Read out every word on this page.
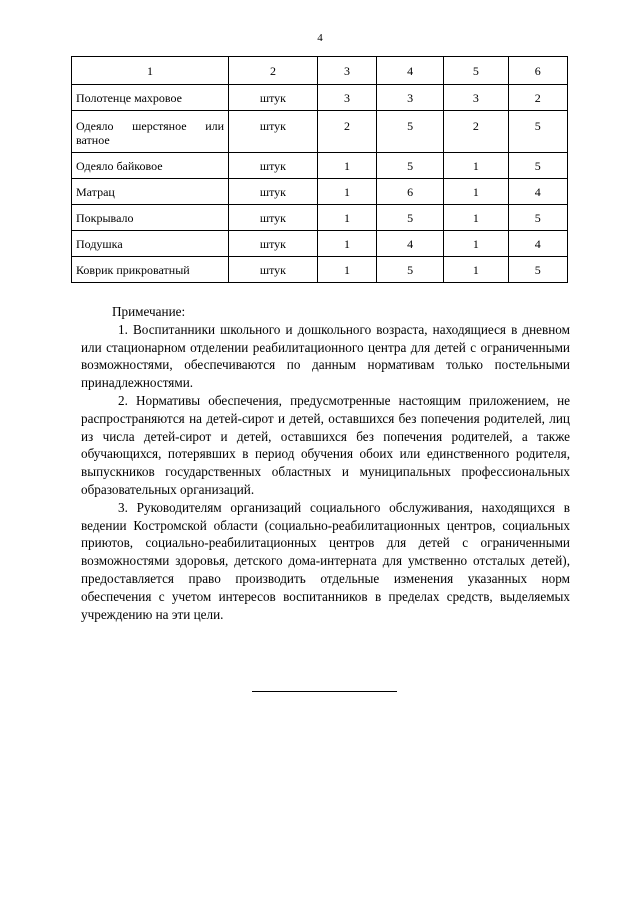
4
1	2	3	4	5	6
Полотенце махровое	штук	3	3	3	2
Одеяло шерстяное или ватное	штук	2	5	2	5
Одеяло байковое	штук	1	5	1	5
Матрац	штук	1	6	1	4
Покрывало	штук	1	5	1	5
Подушка	штук	1	4	1	4
Коврик прикроватный	штук	1	5	1	5

Примечание:

1. Воспитанники школьного и дошкольного возраста, находящиеся в дневном или стационарном отделении реабилитационного центра для детей с ограниченными возможностями, обеспечиваются по данным нормативам только постельными принадлежностями.

2. Нормативы обеспечения, предусмотренные настоящим приложением, не распространяются на детей-сирот и детей, оставшихся без попечения родителей, лиц из числа детей-сирот и детей, оставшихся без попечения родителей, а также обучающихся, потерявших в период обучения обоих или единственного родителя, выпускников государственных областных и муниципальных профессиональных образовательных организаций.

3. Руководителям организаций социального обслуживания, находящихся в ведении Костромской области (социально-реабилитационных центров, социальных приютов, социально-реабилитационных центров для детей с ограниченными возможностями здоровья, детского дома-интерната для умственно отсталых детей), предоставляется право производить отдельные изменения указанных норм обеспечения с учетом интересов воспитанников в пределах средств, выделяемых учреждению на эти цели.
